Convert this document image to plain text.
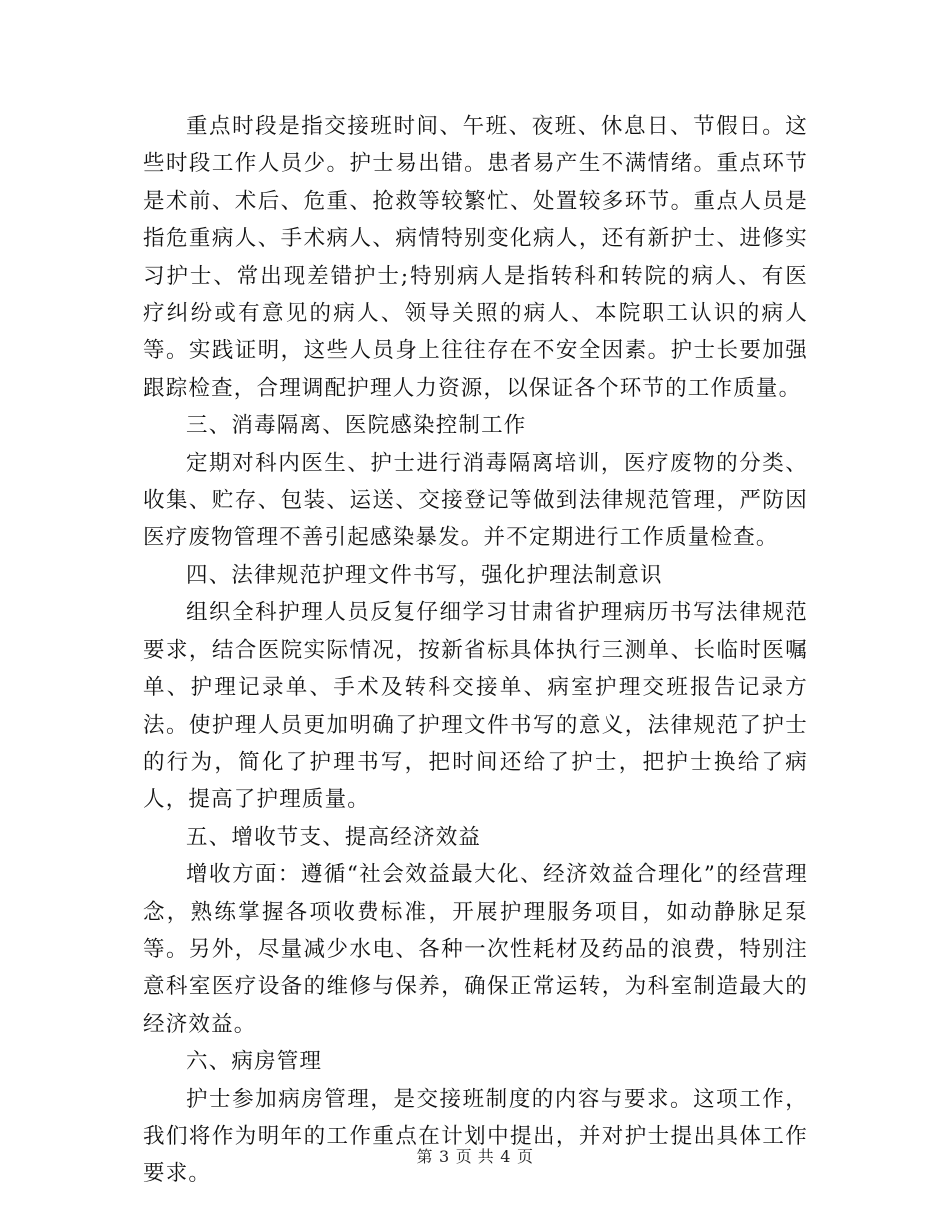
重点时段是指交接班时间、午班、夜班、休息日、节假日。这些时段工作人员少。护士易出错。患者易产生不满情绪。重点环节是术前、术后、危重、抢救等较繁忙、处置较多环节。重点人员是指危重病人、手术病人、病情特别变化病人，还有新护士、进修实习护士、常出现差错护士;特别病人是指转科和转院的病人、有医疗纠纷或有意见的病人、领导关照的病人、本院职工认识的病人等。实践证明，这些人员身上往往存在不安全因素。护士长要加强跟踪检查，合理调配护理人力资源，以保证各个环节的工作质量。

三、消毒隔离、医院感染控制工作

定期对科内医生、护士进行消毒隔离培训，医疗废物的分类、收集、贮存、包装、运送、交接登记等做到法律规范管理，严防因医疗废物管理不善引起感染暴发。并不定期进行工作质量检查。

四、法律规范护理文件书写，强化护理法制意识

组织全科护理人员反复仔细学习甘肃省护理病历书写法律规范要求，结合医院实际情况，按新省标具体执行三测单、长临时医嘱单、护理记录单、手术及转科交接单、病室护理交班报告记录方法。使护理人员更加明确了护理文件书写的意义，法律规范了护士的行为，简化了护理书写，把时间还给了护士，把护士换给了病人，提高了护理质量。

五、增收节支、提高经济效益

增收方面：遵循“社会效益最大化、经济效益合理化”的经营理念，熟练掌握各项收费标准，开展护理服务项目，如动静脉足泵等。另外，尽量减少水电、各种一次性耗材及药品的浪费，特别注意科室医疗设备的维修与保养，确保正常运转，为科室制造最大的经济效益。

六、病房管理

护士参加病房管理，是交接班制度的内容与要求。这项工作，我们将作为明年的工作重点在计划中提出，并对护士提出具体工作要求。

第 3 页 共 4 页
